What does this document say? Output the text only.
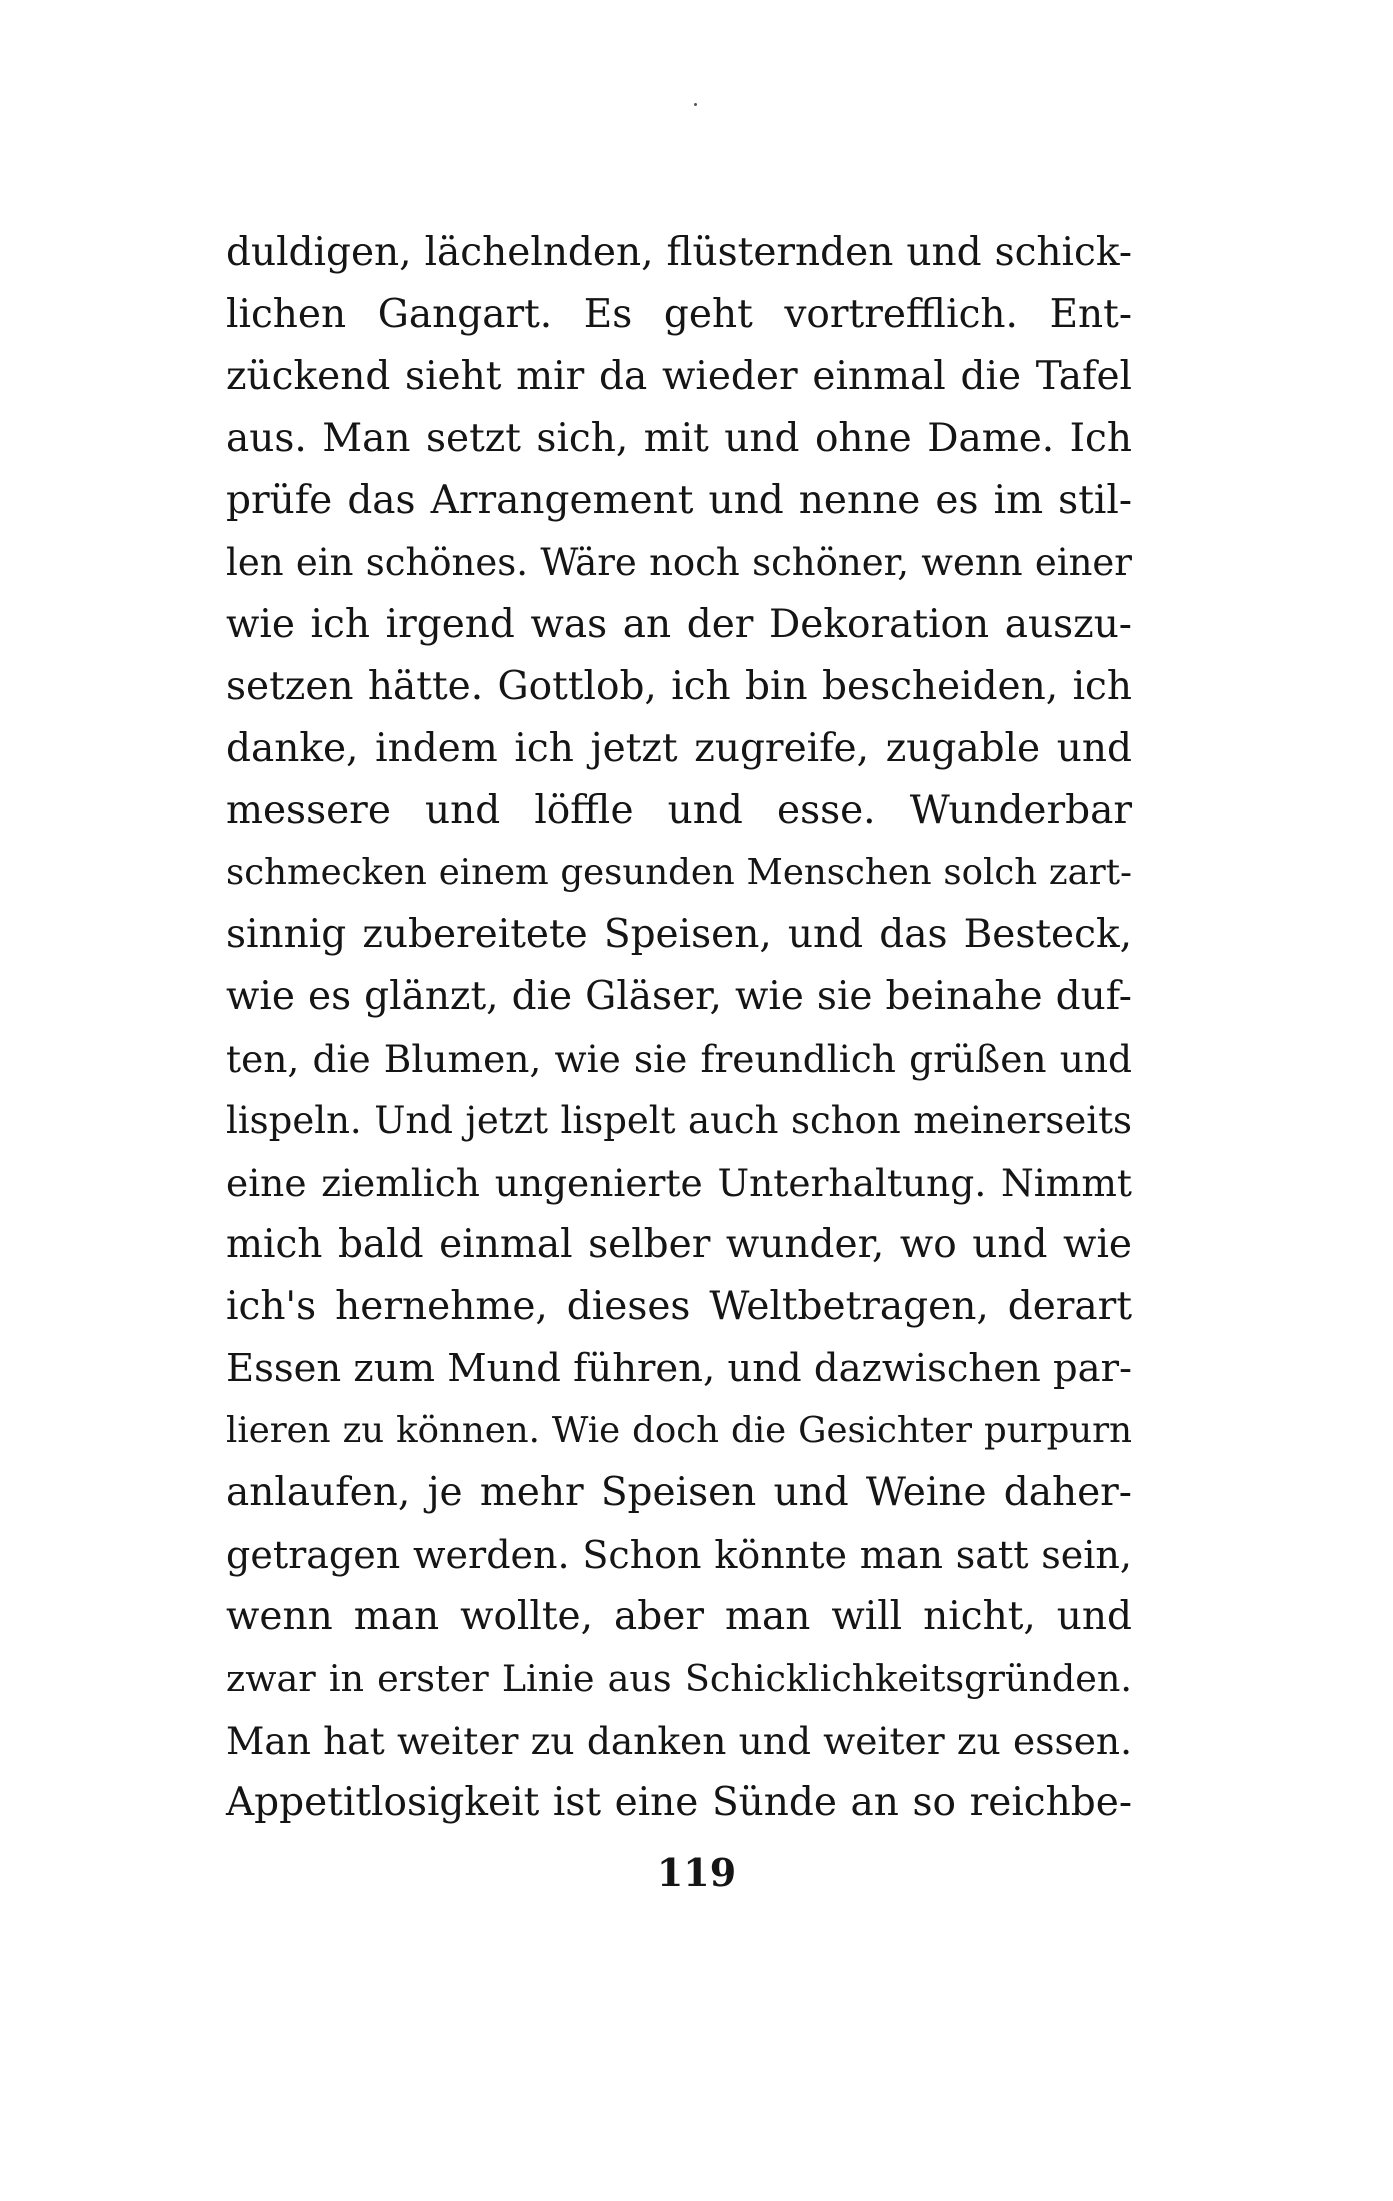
duldigen, lächelnden, flüsternden und schick-
lichen Gangart. Es geht vortrefflich. Ent-
zückend sieht mir da wieder einmal die Tafel
aus. Man setzt sich, mit und ohne Dame. Ich
prüfe das Arrangement und nenne es im stil-
len ein schönes. Wäre noch schöner, wenn einer
wie ich irgend was an der Dekoration auszu-
setzen hätte. Gottlob, ich bin bescheiden, ich
danke, indem ich jetzt zugreife, zugable und
messere und löffle und esse. Wunderbar
schmecken einem gesunden Menschen solch zart-
sinnig zubereitete Speisen, und das Besteck,
wie es glänzt, die Gläser, wie sie beinahe duf-
ten, die Blumen, wie sie freundlich grüßen und
lispeln. Und jetzt lispelt auch schon meinerseits
eine ziemlich ungenierte Unterhaltung. Nimmt
mich bald einmal selber wunder, wo und wie
ich's hernehme, dieses Weltbetragen, derart
Essen zum Mund führen, und dazwischen par-
lieren zu können. Wie doch die Gesichter purpurn
anlaufen, je mehr Speisen und Weine daher-
getragen werden. Schon könnte man satt sein,
wenn man wollte, aber man will nicht, und
zwar in erster Linie aus Schicklichkeitsgründen.
Man hat weiter zu danken und weiter zu essen.
Appetitlosigkeit ist eine Sünde an so reichbe-
119
